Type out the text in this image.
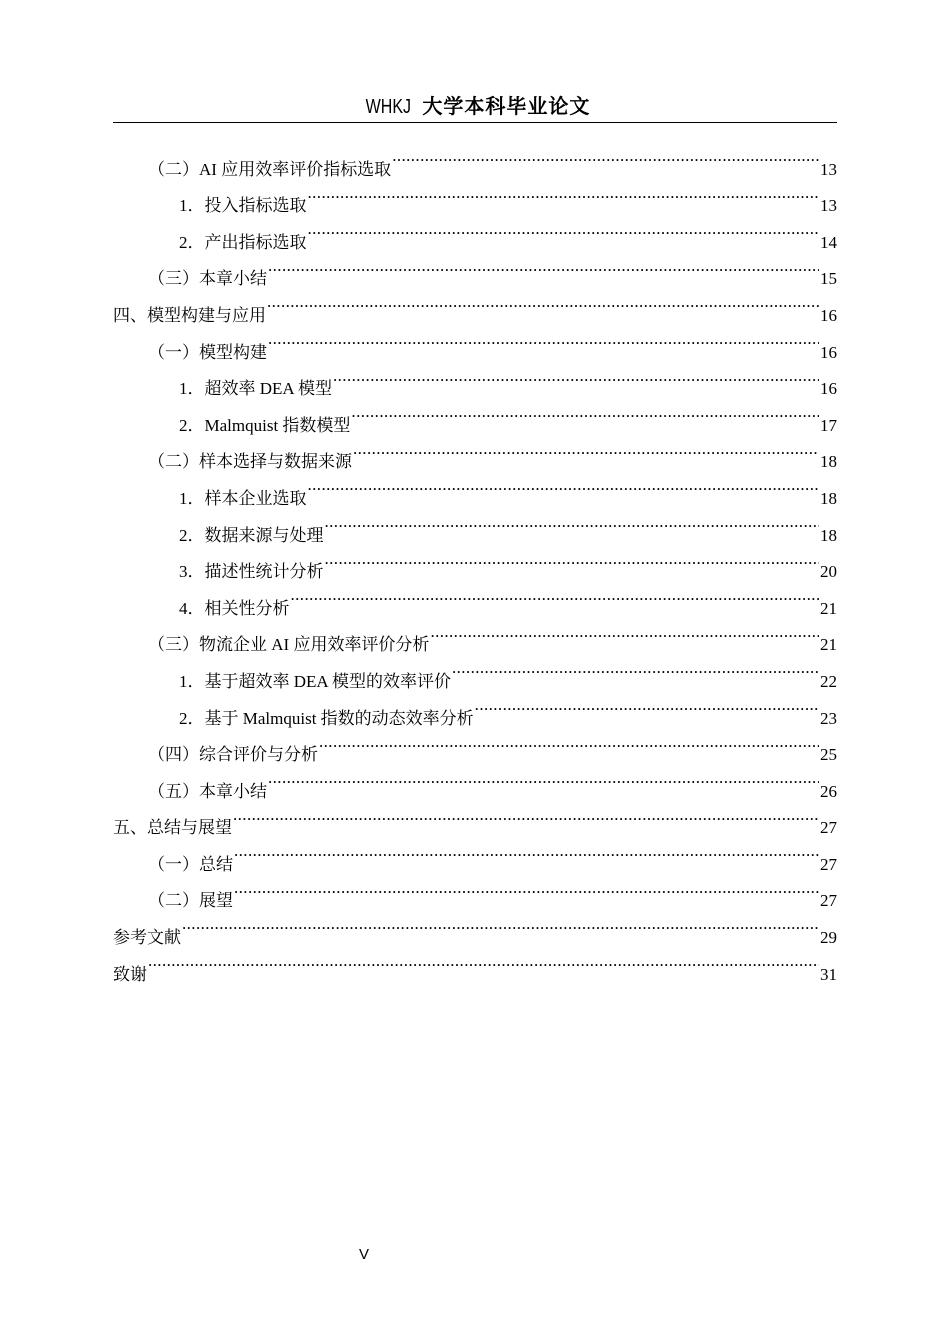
WHKJ 大学本科毕业论文
（二）AI 应用效率评价指标选取 .....	13
1．投入指标选取 .....	13
2．产出指标选取 .....	14
（三）本章小结 .....	15
四、模型构建与应用 .....	16
（一）模型构建 .....	16
1．超效率 DEA 模型 .....	16
2．Malmquist 指数模型 .....	17
（二）样本选择与数据来源 .....	18
1．样本企业选取 .....	18
2．数据来源与处理 .....	18
3．描述性统计分析 .....	20
4．相关性分析 .....	21
（三）物流企业 AI 应用效率评价分析 .....	21
1．基于超效率 DEA 模型的效率评价 .....	22
2．基于 Malmquist 指数的动态效率分析 .....	23
（四）综合评价与分析 .....	25
（五）本章小结 .....	26
五、总结与展望 .....	27
（一）总结 .....	27
（二）展望 .....	27
参考文献 .....	29
致谢 .....	31
V
